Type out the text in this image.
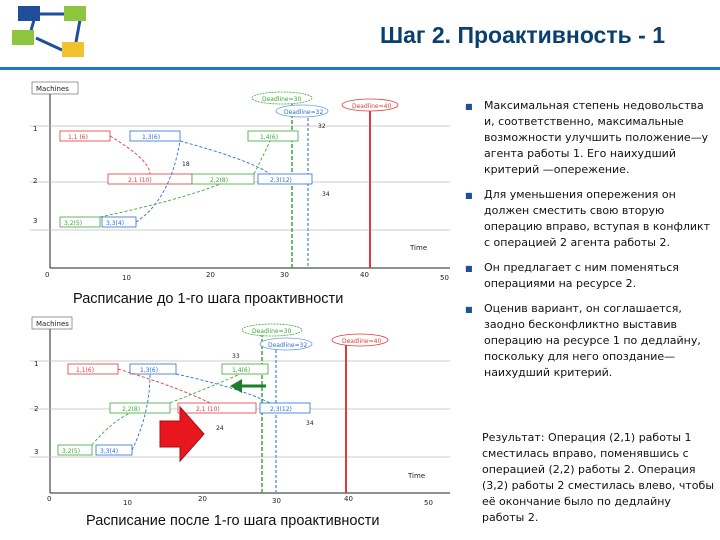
Шаг 2. Проактивность - 1
Machines
1
2
3
0	10	20	30	40	50
Time
Deadline=30
Deadline=32
Deadline=40
32
18
34
1,1 (6)	1,3(6)	1,4(6)
2,1 (10)	2,2(8)	2,3(12)
3,2(5)	3,3(4)
Расписание до 1-го шага проактивности
Machines
1
2
3
0	10	20	30	40	50
Time
Deadline=30
Deadline=32
Deadline=40
33
24
34
1,1(6)	1,3(6)	1,4(6)
2,2(8)	2,1 (10)	2,3(12)
3,2(5)	3,3(4)
Расписание после 1-го шага проактивности
■ Максимальная степень недовольства и, соответственно, максимальные возможности улучшить положение—у агента работы 1. Его наихудший критерий —опережение.
■ Для уменьшения опережения он должен сместить свою вторую операцию вправо, вступая в конфликт с операцией 2 агента работы 2.
■ Он предлагает с ним поменяться операциями на ресурсе 2.
■ Оценив вариант, он соглашается, заодно бесконфликтно выставив операцию на ресурсе 1 по дедлайну, поскольку для него опоздание— наихудший критерий.
Результат: Операция (2,1) работы 1 сместилась вправо, поменявшись с операцией (2,2) работы 2. Операция (3,2) работы 2 сместилась влево, чтобы её окончание было по дедлайну работы 2.
